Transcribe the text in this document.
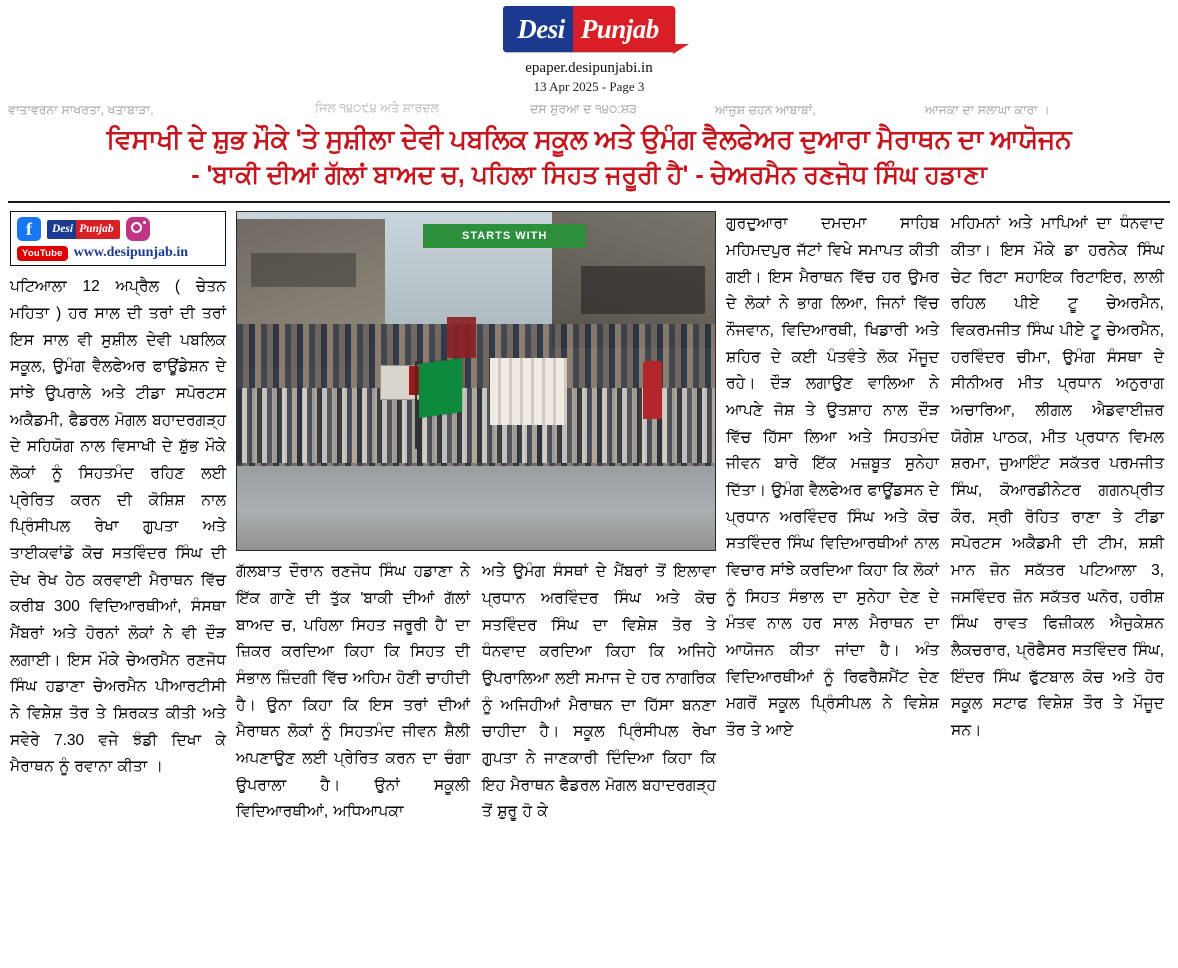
Desi Punjab
epaper.desipunjabi.in
13 Apr 2025 - Page 3
ਵਾਤਾਵਰਨਾ ਸਾਖਰਤਾ, ਖਤਾਬਾੜਾ,	ਜਿਲ ੧੪੦੯੪ ਅਤੇ ਸ਼ਾਰਦਲ	ਦਸ ਸ਼ੁਰਆ ਦ ੧੪੦:ਸ਼੩	ਆਜ਼ੁਸ਼ ਚਹਨ ਆਬਾਬਾਂ,	ਆਜਕਾ ਦਾ ਸਲਾਘਾ ਕਾਰਾ ।
ਵਿਸਾਖੀ ਦੇ ਸ਼ੁਭ ਮੌਕੇ 'ਤੇ ਸੁਸ਼ੀਲਾ ਦੇਵੀ ਪਬਲਿਕ ਸਕੂਲ ਅਤੇ ਉਮੰਗ ਵੈਲਫੇਅਰ ਦੁਆਰਾ ਮੈਰਾਥਨ ਦਾ ਆਯੋਜਨ
- 'ਬਾਕੀ ਦੀਆਂ ਗੱਲਾਂ ਬਾਅਦ ਚ, ਪਹਿਲਾ ਸਿਹਤ ਜਰੂਰੀ ਹੈ' - ਚੇਅਰਮੈਨ ਰਣਜੋਧ ਸਿੰਘ ਹਡਾਣਾ
f	Desi Punjab
YouTube www.desipunjab.in
ਪਟਿਆਲਾ 12 ਅਪ੍ਰੈਲ ( ਚੇਤਨ ਮਹਿਤਾ ) ਹਰ ਸਾਲ ਦੀ ਤਰਾਂ ਦੀ ਤਰਾਂ ਇਸ ਸਾਲ ਵੀ ਸੁਸ਼ੀਲ ਦੇਵੀ ਪਬਲਿਕ ਸਕੂਲ, ਉਮੰਗ ਵੈਲਫੇਅਰ ਫਾਊਂਡੇਸ਼ਨ ਦੇ ਸਾਂਝੇ ਉਪਰਾਲੇ ਅਤੇ ਟੀਡਾ ਸਪੋਰਟਸ ਅਕੈਡਮੀ, ਫੈਡਰਲ ਮੋਗਲ ਬਹਾਦਰਗੜ੍ਹ ਦੇ ਸਹਿਯੋਗ ਨਾਲ ਵਿਸਾਖੀ ਦੇ ਸ਼ੁੱਭ ਮੌਕੇ ਲੋਕਾਂ ਨੂੰ ਸਿਹਤਮੰਦ ਰਹਿਣ ਲਈ ਪ੍ਰੇਰਿਤ ਕਰਨ ਦੀ ਕੋਸ਼ਿਸ਼ ਨਾਲ ਪ੍ਰਿੰਸੀਪਲ ਰੇਖਾ ਗੁਪਤਾ ਅਤੇ ਤਾਈਕਵਾਂਡੋ ਕੋਚ ਸਤਵਿੰਦਰ ਸਿੰਘ ਦੀ ਦੇਖ ਰੇਖ ਹੇਠ ਕਰਵਾਈ ਮੈਰਾਥਨ ਵਿੱਚ ਕਰੀਬ 300 ਵਿਦਿਆਰਥੀਆਂ, ਸੰਸਥਾ ਮੈਂਬਰਾਂ ਅਤੇ ਹੋਰਨਾਂ ਲੋਕਾਂ ਨੇ ਵੀ ਦੌੜ ਲਗਾਈ। ਇਸ ਮੌਕੇ ਚੇਅਰਮੈਨ ਰਣਜੋਧ ਸਿੰਘ ਹਡਾਣਾ ਚੇਅਰਮੈਨ ਪੀਆਰਟੀਸੀ ਨੇ ਵਿਸ਼ੇਸ਼ ਤੋਰ ਤੇ ਸ਼ਿਰਕਤ ਕੀਤੀ ਅਤੇ ਸਵੇਰੇ 7.30 ਵਜੇ ਝੰਡੀ ਦਿਖਾ ਕੇ ਮੈਰਾਥਨ ਨੂੰ ਰਵਾਨਾ ਕੀਤਾ ।
STARTS WITH
ਗੱਲਬਾਤ ਦੌਰਾਨ ਰਣਜੋਧ ਸਿੰਘ ਹਡਾਣਾ ਨੇ ਇੱਕ ਗਾਣੇ ਦੀ ਤੁੱਕ 'ਬਾਕੀ ਦੀਆਂ ਗੱਲਾਂ ਬਾਅਦ ਚ, ਪਹਿਲਾ ਸਿਹਤ ਜਰੂਰੀ ਹੈ' ਦਾ ਜ਼ਿਕਰ ਕਰਦਿਆ ਕਿਹਾ ਕਿ ਸਿਹਤ ਦੀ ਸੰਭਾਲ ਜ਼ਿੰਦਗੀ ਵਿੱਚ ਅਹਿਮ ਹੋਣੀ ਚਾਹੀਦੀ ਹੈ। ਉਨਾ ਕਿਹਾ ਕਿ ਇਸ ਤਰਾਂ ਦੀਆਂ ਮੈਰਾਥਨ ਲੋਕਾਂ ਨੂੰ ਸਿਹਤਮੰਦ ਜੀਵਨ ਸ਼ੈਲੀ ਅਪਣਾਉਣ ਲਈ ਪ੍ਰੇਰਿਤ ਕਰਨ ਦਾ ਚੰਗਾ ਉਪਰਾਲਾ ਹੈ। ਉਨਾਂ ਸਕੂਲੀ ਵਿਦਿਆਰਥੀਆਂ, ਅਧਿਆਪਕਾ
ਅਤੇ ਉਮੰਗ ਸੰਸਥਾਂ ਦੇ ਮੈਂਬਰਾਂ ਤੋਂ ਇਲਾਵਾ ਪ੍ਰਧਾਨ ਅਰਵਿੰਦਰ ਸਿੰਘ ਅਤੇ ਕੋਚ ਸਤਵਿੰਦਰ ਸਿੰਘ ਦਾ ਵਿਸ਼ੇਸ਼ ਤੋਰ ਤੇ ਧੰਨਵਾਦ ਕਰਦਿਆ ਕਿਹਾ ਕਿ ਅਜਿਹੇ ਉਪਰਾਲਿਆ ਲਈ ਸਮਾਜ ਦੇ ਹਰ ਨਾਗਰਿਕ ਨੂੰ ਅਜਿਹੀਆਂ ਮੈਰਾਥਨ ਦਾ ਹਿੱਸਾ ਬਨਣਾ ਚਾਹੀਦਾ ਹੈ। ਸਕੂਲ ਪ੍ਰਿੰਸੀਪਲ ਰੇਖਾ ਗੁਪਤਾ ਨੇ ਜਾਣਕਾਰੀ ਦਿੰਦਿਆ ਕਿਹਾ ਕਿ ਇਹ ਮੈਰਾਥਨ ਫੈਡਰਲ ਮੋਗਲ ਬਹਾਦਰਗੜ੍ਹ ਤੋਂ ਸ਼ੁਰੂ ਹੋ ਕੇ
ਗੁਰਦੁਆਰਾ ਦਮਦਮਾ ਸਾਹਿਬ ਮਹਿਮਦਪੁਰ ਜੱਟਾਂ ਵਿਖੇ ਸਮਾਪਤ ਕੀਤੀ ਗਈ। ਇਸ ਮੈਰਾਥਨ ਵਿੱਚ ਹਰ ਉਮਰ ਦੇ ਲੋਕਾਂ ਨੇ ਭਾਗ ਲਿਆ, ਜਿਨਾਂ ਵਿੱਚ ਨੌਜਵਾਨ, ਵਿਦਿਆਰਥੀ, ਖਿਡਾਰੀ ਅਤੇ ਸ਼ਹਿਰ ਦੇ ਕਈ ਪੰਤਵੰਤੇ ਲੋਕ ਮੌਜੂਦ ਰਹੇ। ਦੌੜ ਲਗਾਉਣ ਵਾਲਿਆ ਨੇ ਆਪਣੇ ਜੋਸ਼ ਤੇ ਉਤਸ਼ਾਹ ਨਾਲ ਦੌੜ ਵਿੱਚ ਹਿੱਸਾ ਲਿਆ ਅਤੇ ਸਿਹਤਮੰਦ ਜੀਵਨ ਬਾਰੇ ਇੱਕ ਮਜ਼ਬੂਤ ਸੁਨੇਹਾ ਦਿੱਤਾ। ਉਮੰਗ ਵੈਲਫੇਅਰ ਫਾਊਂਡਸਨ ਦੇ ਪ੍ਰਧਾਨ ਅਰਵਿੰਦਰ ਸਿੰਘ ਅਤੇ ਕੋਚ ਸਤਵਿੰਦਰ ਸਿੰਘ ਵਿਦਿਆਰਥੀਆਂ ਨਾਲ ਵਿਚਾਰ ਸਾਂਝੇ ਕਰਦਿਆ ਕਿਹਾ ਕਿ ਲੋਕਾਂ ਨੂੰ ਸਿਹਤ ਸੰਭਾਲ ਦਾ ਸੁਨੇਹਾ ਦੇਣ ਦੇ ਮੰਤਵ ਨਾਲ ਹਰ ਸਾਲ ਮੈਰਾਥਨ ਦਾ ਆਯੋਜਨ ਕੀਤਾ ਜਾਂਦਾ ਹੈ। ਅੰਤ ਵਿਦਿਆਰਥੀਆਂ ਨੂੰ ਰਿਫਰੈਸ਼ਮੈਂਟ ਦੇਣ ਮਗਰੋਂ ਸਕੂਲ ਪ੍ਰਿੰਸੀਪਲ ਨੇ ਵਿਸ਼ੇਸ਼ ਤੌਰ ਤੇ ਆਏ
ਮਹਿਮਨਾਂ ਅਤੇ ਮਾਪਿਆਂ ਦਾ ਧੰਨਵਾਦ ਕੀਤਾ। ਇਸ ਮੌਕੇ ਡਾ ਹਰਨੇਕ ਸਿੰਘ ਚੇਟ ਰਿਟਾ ਸਹਾਇਕ ਰਿਟਾਇਰ, ਲਾਲੀ ਰਹਿਲ ਪੀਏ ਟੂ ਚੇਅਰਮੈਨ, ਵਿਕਰਮਜੀਤ ਸਿੰਘ ਪੀਏ ਟੂ ਚੇਅਰਮੈਨ, ਹਰਵਿੰਦਰ ਚੀਮਾ, ਉਮੰਗ ਸੰਸਥਾ ਦੇ ਸੀਨੀਅਰ ਮੀਤ ਪ੍ਰਧਾਨ ਅਨੁਰਾਗ ਅਚਾਰਿਆ, ਲੀਗਲ ਐਡਵਾਈਜ਼ਰ ਯੋਗੇਸ਼ ਪਾਠਕ, ਮੀਤ ਪ੍ਰਧਾਨ ਵਿਮਲ ਸ਼ਰਮਾ, ਜੁਆਇੰਟ ਸਕੱਤਰ ਪਰਮਜੀਤ ਸਿੰਘ, ਕੋਆਰਡੀਨੇਟਰ ਗਗਨਪ੍ਰੀਤ ਕੌਰ, ਸ੍ਰੀ ਰੋਹਿਤ ਰਾਣਾ ਤੇ ਟੀਡਾ ਸਪੋਰਟਸ ਅਕੈਡਮੀ ਦੀ ਟੀਮ, ਸ਼ਸ਼ੀ ਮਾਨ ਜ਼ੋਨ ਸਕੱਤਰ ਪਟਿਆਲਾ 3, ਜਸਵਿੰਦਰ ਜ਼ੋਨ ਸਕੱਤਰ ਘਨੋਰ, ਹਰੀਸ਼ ਸਿੰਘ ਰਾਵਤ ਫਿਜ਼ੀਕਲ ਐਜੁਕੇਸ਼ਨ ਲੈਕਚਰਾਰ, ਪ੍ਰੋਫੈਸਰ ਸਤਵਿੰਦਰ ਸਿੰਘ, ਇੰਦਰ ਸਿੰਘ ਫੁੱਟਬਾਲ ਕੋਚ ਅਤੇ ਹੋਰ ਸਕੂਲ ਸਟਾਫ ਵਿਸ਼ੇਸ਼ ਤੌਰ ਤੇ ਮੌਜੂਦ ਸਨ।
